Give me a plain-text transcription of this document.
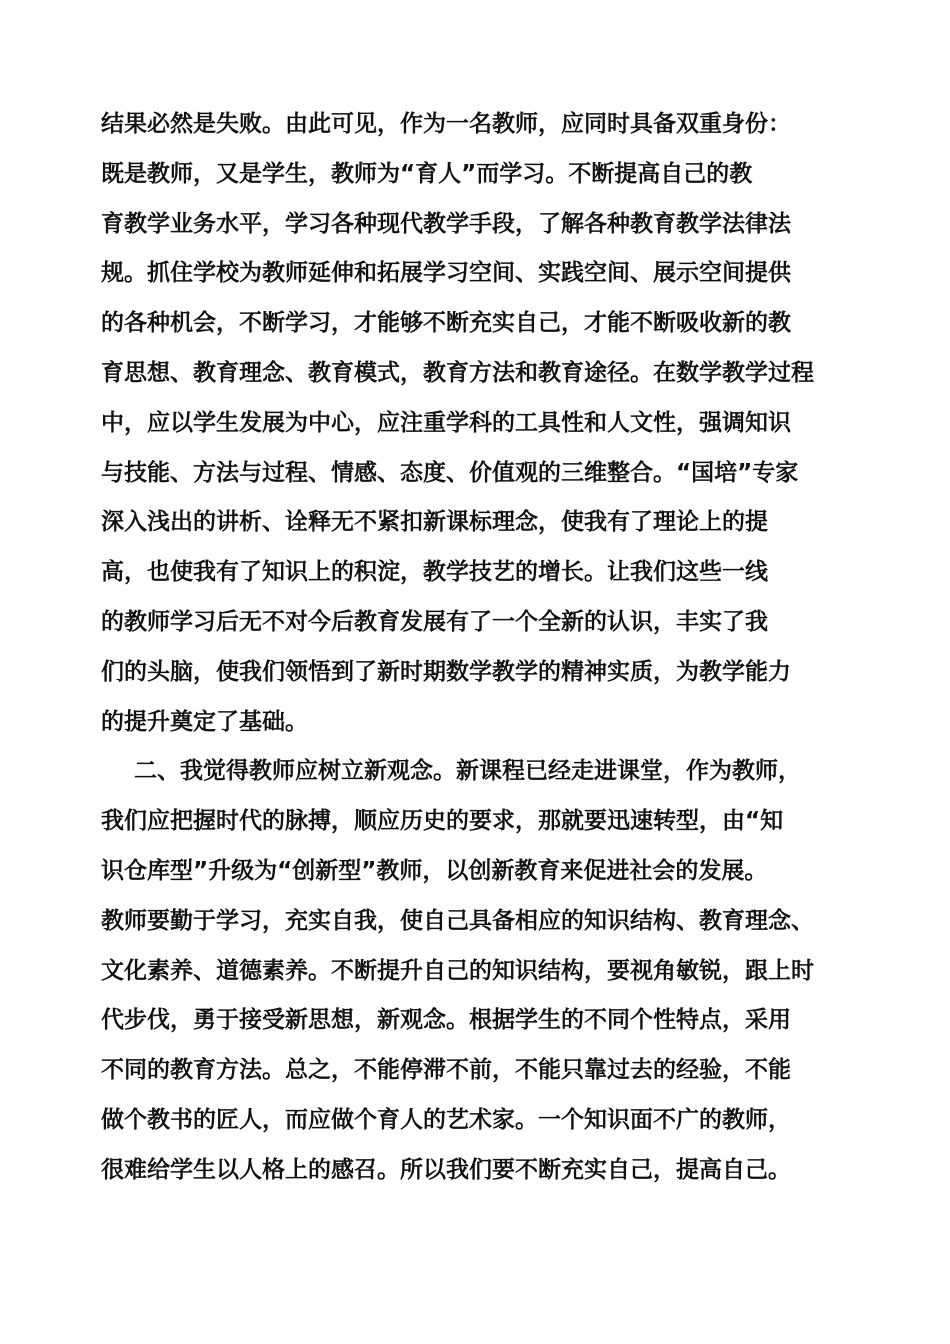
结果必然是失败。由此可见，作为一名教师，应同时具备双重身份：
既是教师，又是学生，教师为“育人”而学习。不断提高自己的教
育教学业务水平，学习各种现代教学手段，了解各种教育教学法律法
规。抓住学校为教师延伸和拓展学习空间、实践空间、展示空间提供
的各种机会，不断学习，才能够不断充实自己，才能不断吸收新的教
育思想、教育理念、教育模式，教育方法和教育途径。在数学教学过程
中，应以学生发展为中心，应注重学科的工具性和人文性，强调知识
与技能、方法与过程、情感、态度、价值观的三维整合。“国培”专家
深入浅出的讲析、诠释无不紧扣新课标理念，使我有了理论上的提
高，也使我有了知识上的积淀，教学技艺的增长。让我们这些一线
的教师学习后无不对今后教育发展有了一个全新的认识，丰实了我
们的头脑，使我们领悟到了新时期数学教学的精神实质，为教学能力
的提升奠定了基础。
二、我觉得教师应树立新观念。新课程已经走进课堂，作为教师，
我们应把握时代的脉搏，顺应历史的要求，那就要迅速转型，由“知
识仓库型”升级为“创新型”教师，以创新教育来促进社会的发展。
教师要勤于学习，充实自我，使自己具备相应的知识结构、教育理念、
文化素养、道德素养。不断提升自己的知识结构，要视角敏锐，跟上时
代步伐，勇于接受新思想，新观念。根据学生的不同个性特点，采用
不同的教育方法。总之，不能停滞不前，不能只靠过去的经验，不能
做个教书的匠人，而应做个育人的艺术家。一个知识面不广的教师，
很难给学生以人格上的感召。所以我们要不断充实自己，提高自己。
